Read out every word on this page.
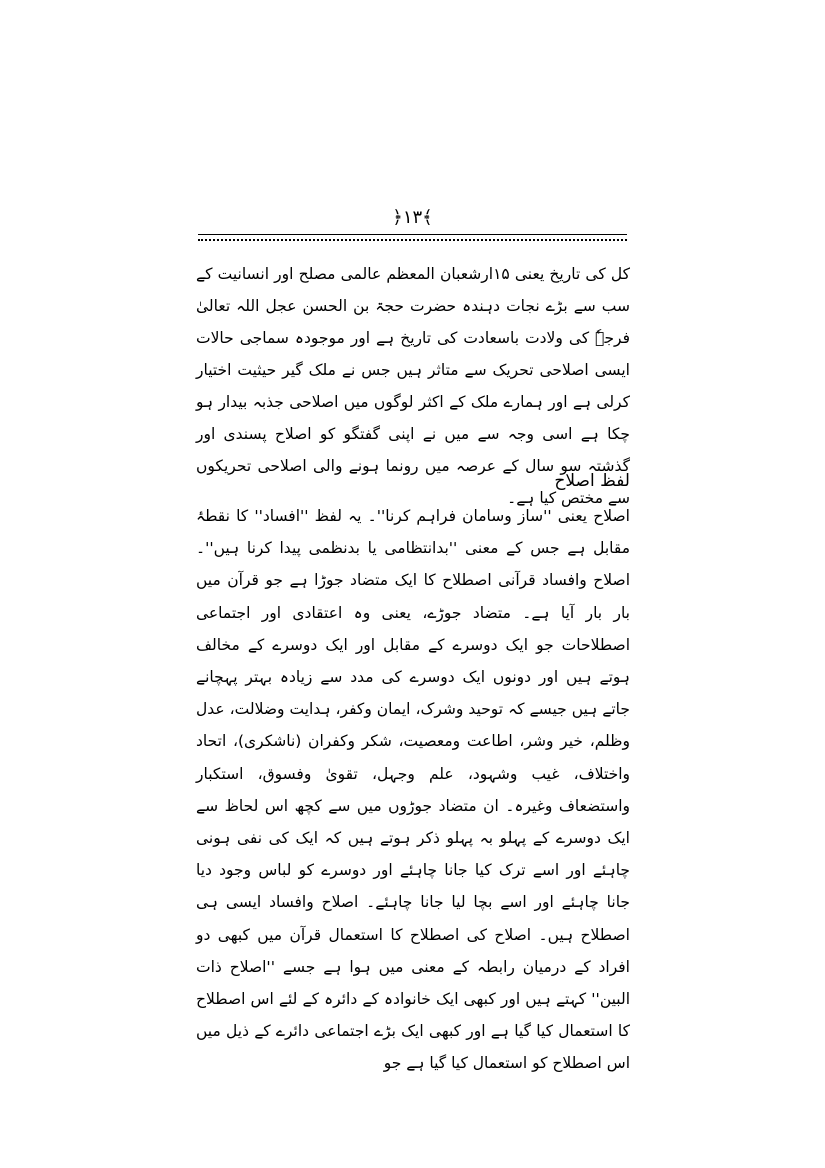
﴿۱۳﴾

کل کی تاریخ یعنی ۱۵ارشعبان المعظم عالمی مصلح اور انسانیت کے سب سے بڑے نجات دہندہ حضرت حجۃ بن الحسن عجل اللہ تعالیٰ فرجہٗ کی ولادت باسعادت کی تاریخ ہے اور موجودہ سماجی حالات ایسی اصلاحی تحریک سے متاثر ہیں جس نے ملک گیر حیثیت اختیار کرلی ہے اور ہمارے ملک کے اکثر لوگوں میں اصلاحی جذبہ بیدار ہو چکا ہے اسی وجہ سے میں نے اپنی گفتگو کو اصلاح پسندی اور گذشتہ سو سال کے عرصہ میں رونما ہونے والی اصلاحی تحریکوں سے مختص کیا ہے۔

لفظ اصلاح

اصلاح یعنی ''ساز وسامان فراہم کرنا''۔ یہ لفظ ''افساد'' کا نقطۂ مقابل ہے جس کے معنی ''بدانتظامی یا بدنظمی پیدا کرنا ہیں''۔ اصلاح وافساد قرآنی اصطلاح کا ایک متضاد جوڑا ہے جو قرآن میں بار بار آیا ہے۔ متضاد جوڑے، یعنی وہ اعتقادی اور اجتماعی اصطلاحات جو ایک دوسرے کے مقابل اور ایک دوسرے کے مخالف ہوتے ہیں اور دونوں ایک دوسرے کی مدد سے زیادہ بہتر پہچانے جاتے ہیں جیسے کہ توحید وشرک، ایمان وکفر، ہدایت وضلالت، عدل وظلم، خیر وشر، اطاعت ومعصیت، شکر وکفران (ناشکری)، اتحاد واختلاف، غیب وشہود، علم وجہل، تقویٰ وفسوق، استکبار واستضعاف وغیرہ۔ ان متضاد جوڑوں میں سے کچھ اس لحاظ سے ایک دوسرے کے پہلو بہ پہلو ذکر ہوتے ہیں کہ ایک کی نفی ہونی چاہئے اور اسے ترک کیا جانا چاہئے اور دوسرے کو لباس وجود دیا جانا چاہئے اور اسے بچا لیا جانا چاہئے۔ اصلاح وافساد ایسی ہی اصطلاح ہیں۔ اصلاح کی اصطلاح کا استعمال قرآن میں کبھی دو افراد کے درمیان رابطہ کے معنی میں ہوا ہے جسے ''اصلاح ذات البین'' کہتے ہیں اور کبھی ایک خانوادہ کے دائرہ کے لئے اس اصطلاح کا استعمال کیا گیا ہے اور کبھی ایک بڑے اجتماعی دائرے کے ذیل میں اس اصطلاح کو استعمال کیا گیا ہے جو
